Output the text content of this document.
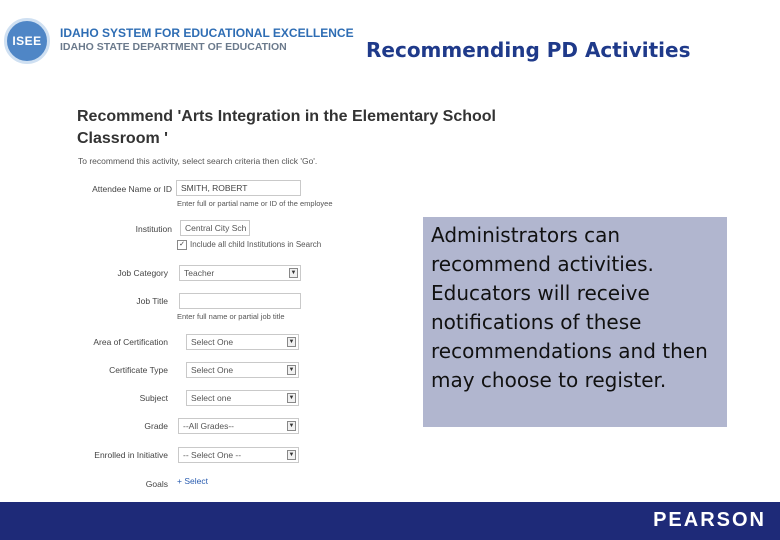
ISEE
IDAHO SYSTEM FOR EDUCATIONAL EXCELLENCE
IDAHO STATE DEPARTMENT OF EDUCATION	Recommending PD Activities
Recommend 'Arts Integration in the Elementary School Classroom '
To recommend this activity, select search criteria then click 'Go'.
Attendee Name or ID	SMITH, ROBERT
Enter full or partial name or ID of the employee
Institution	Central City Sch
✓ Include all child Institutions in Search
Job Category	Teacher	▼
Job Title
Enter full name or partial job title
Area of Certification	Select One	▼
Certificate Type	Select One	▼
Subject	Select one	▼
Grade	--All Grades--	▼
Enrolled in Initiative	-- Select One --	▼
Goals + Select
Administrators can recommend activities. Educators will receive notifications of these recommendations and then may choose to register.
PEARSON
